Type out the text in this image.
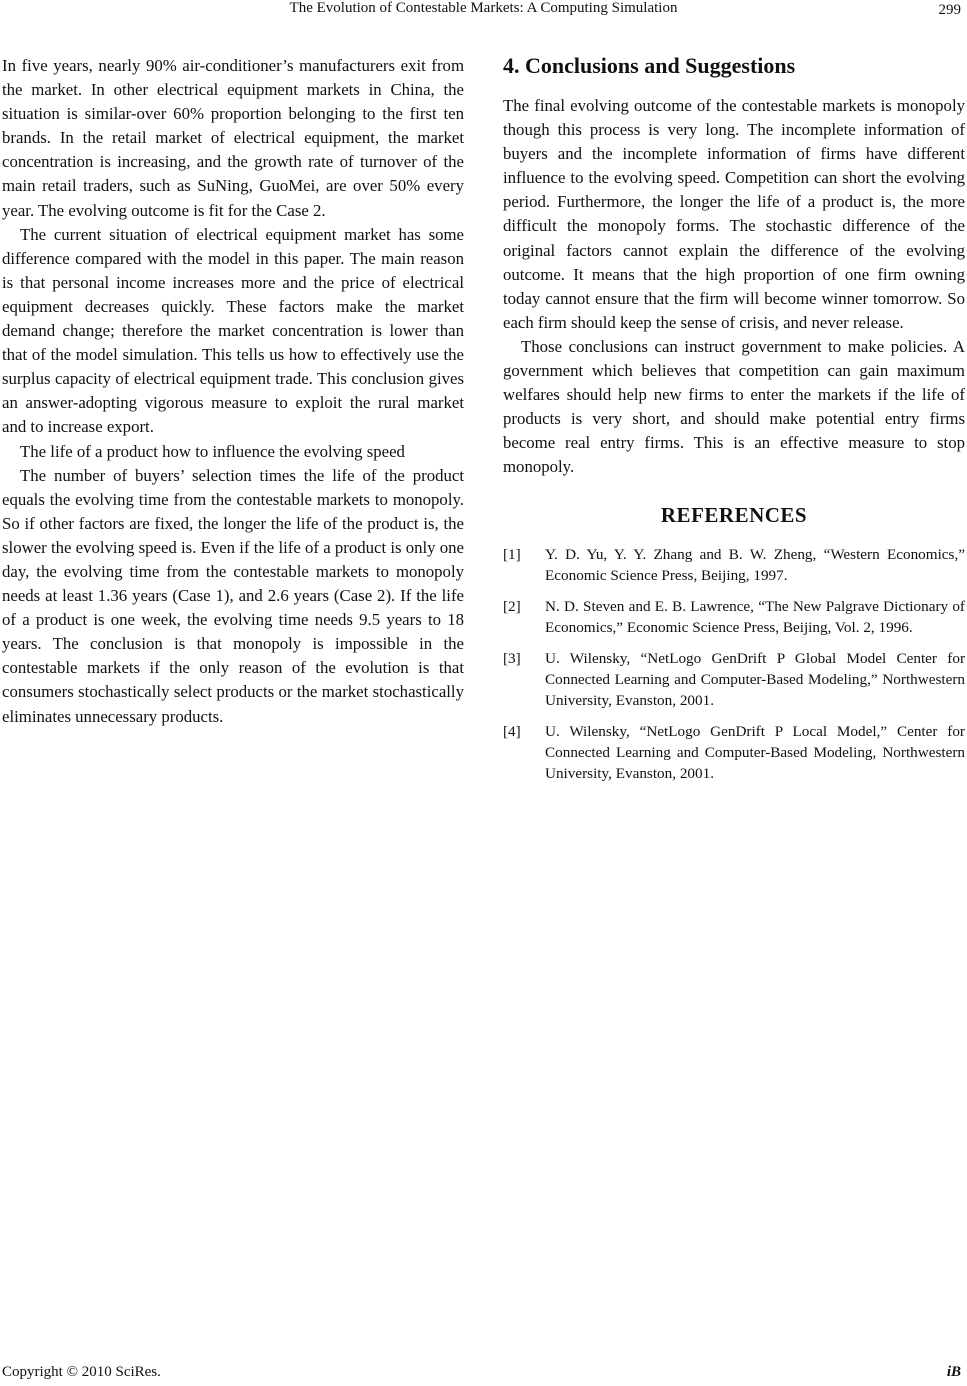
The Evolution of Contestable Markets: A Computing Simulation	299

In five years, nearly 90% air-conditioner’s manufacturers exit from the market. In other electrical equipment markets in China, the situation is similar-over 60% proportion belonging to the first ten brands. In the retail market of electrical equipment, the market concentration is increasing, and the growth rate of turnover of the main retail traders, such as SuNing, GuoMei, are over 50% every year. The evolving outcome is fit for the Case 2.

The current situation of electrical equipment market has some difference compared with the model in this paper. The main reason is that personal income increases more and the price of electrical equipment decreases quickly. These factors make the market demand change; therefore the market concentration is lower than that of the model simulation. This tells us how to effectively use the surplus capacity of electrical equipment trade. This conclusion gives an answer-adopting vigorous measure to exploit the rural market and to increase export.

The life of a product how to influence the evolving speed

The number of buyers’ selection times the life of the product equals the evolving time from the contestable markets to monopoly. So if other factors are fixed, the longer the life of the product is, the slower the evolving speed is. Even if the life of a product is only one day, the evolving time from the contestable markets to monopoly needs at least 1.36 years (Case 1), and 2.6 years (Case 2). If the life of a product is one week, the evolving time needs 9.5 years to 18 years. The conclusion is that monopoly is impossible in the contestable markets if the only reason of the evolution is that consumers stochastically select products or the market stochastically eliminates unnecessary products.

4. Conclusions and Suggestions

The final evolving outcome of the contestable markets is monopoly though this process is very long. The incomplete information of buyers and the incomplete information of firms have different influence to the evolving speed. Competition can short the evolving period. Furthermore, the longer the life of a product is, the more difficult the monopoly forms. The stochastic difference of the original factors cannot explain the difference of the evolving outcome. It means that the high proportion of one firm owning today cannot ensure that the firm will become winner tomorrow. So each firm should keep the sense of crisis, and never release.

Those conclusions can instruct government to make policies. A government which believes that competition can gain maximum welfares should help new firms to enter the markets if the life of products is very short, and should make potential entry firms become real entry firms. This is an effective measure to stop monopoly.

REFERENCES
[1]	Y. D. Yu, Y. Y. Zhang and B. W. Zheng, “Western Economics,” Economic Science Press, Beijing, 1997.
[2]	N. D. Steven and E. B. Lawrence, “The New Palgrave Dictionary of Economics,” Economic Science Press, Beijing, Vol. 2, 1996.
[3]	U. Wilensky, “NetLogo GenDrift P Global Model Center for Connected Learning and Computer-Based Modeling,” Northwestern University, Evanston, 2001.
[4]	U. Wilensky, “NetLogo GenDrift P Local Model,” Center for Connected Learning and Computer-Based Modeling, Northwestern University, Evanston, 2001.
Copyright © 2010 SciRes.	iB
